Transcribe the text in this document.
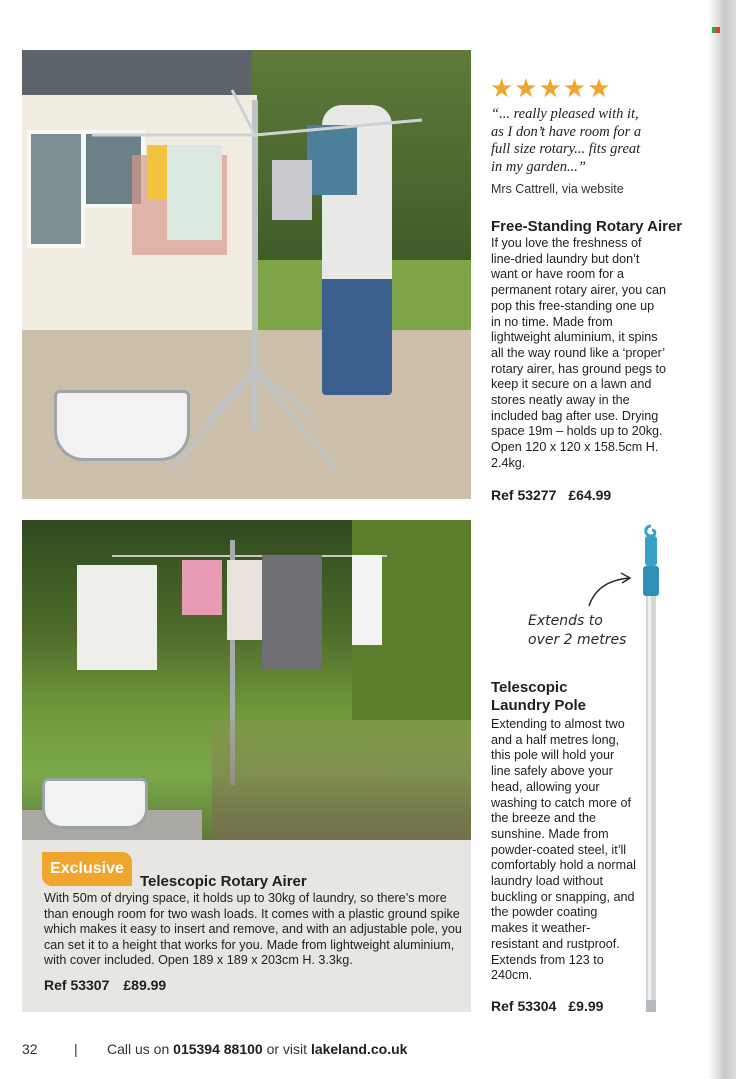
★★★★★
“... really pleased with it, as I don’t have room for a full size rotary... fits great in my garden...”
Mrs Cattrell, via website
Free-Standing Rotary Airer
If you love the freshness of line-dried laundry but don’t want or have room for a permanent rotary airer, you can pop this free-standing one up in no time. Made from lightweight aluminium, it spins all the way round like a ‘proper’ rotary airer, has ground pegs to keep it secure on a lawn and stores neatly away in the included bag after use. Drying space 19m – holds up to 20kg. Open 120 x 120 x 158.5cm H. 2.4kg.
Ref 53277 £64.99
Exclusive
Telescopic Rotary Airer
With 50m of drying space, it holds up to 30kg of laundry, so there’s more than enough room for two wash loads. It comes with a plastic ground spike which makes it easy to insert and remove, and with an adjustable pole, you can set it to a height that works for you. Made from lightweight aluminium, with cover included. Open 189 x 189 x 203cm H. 3.3kg.
Ref 53307 £89.99
Extends to over 2 metres
Telescopic Laundry Pole
Extending to almost two and a half metres long, this pole will hold your line safely above your head, allowing your washing to catch more of the breeze and the sunshine. Made from powder-coated steel, it’ll comfortably hold a normal laundry load without buckling or snapping, and the powder coating makes it weather-resistant and rustproof. Extends from 123 to 240cm.
Ref 53304 £9.99
32	| Call us on 015394 88100 or visit lakeland.co.uk
